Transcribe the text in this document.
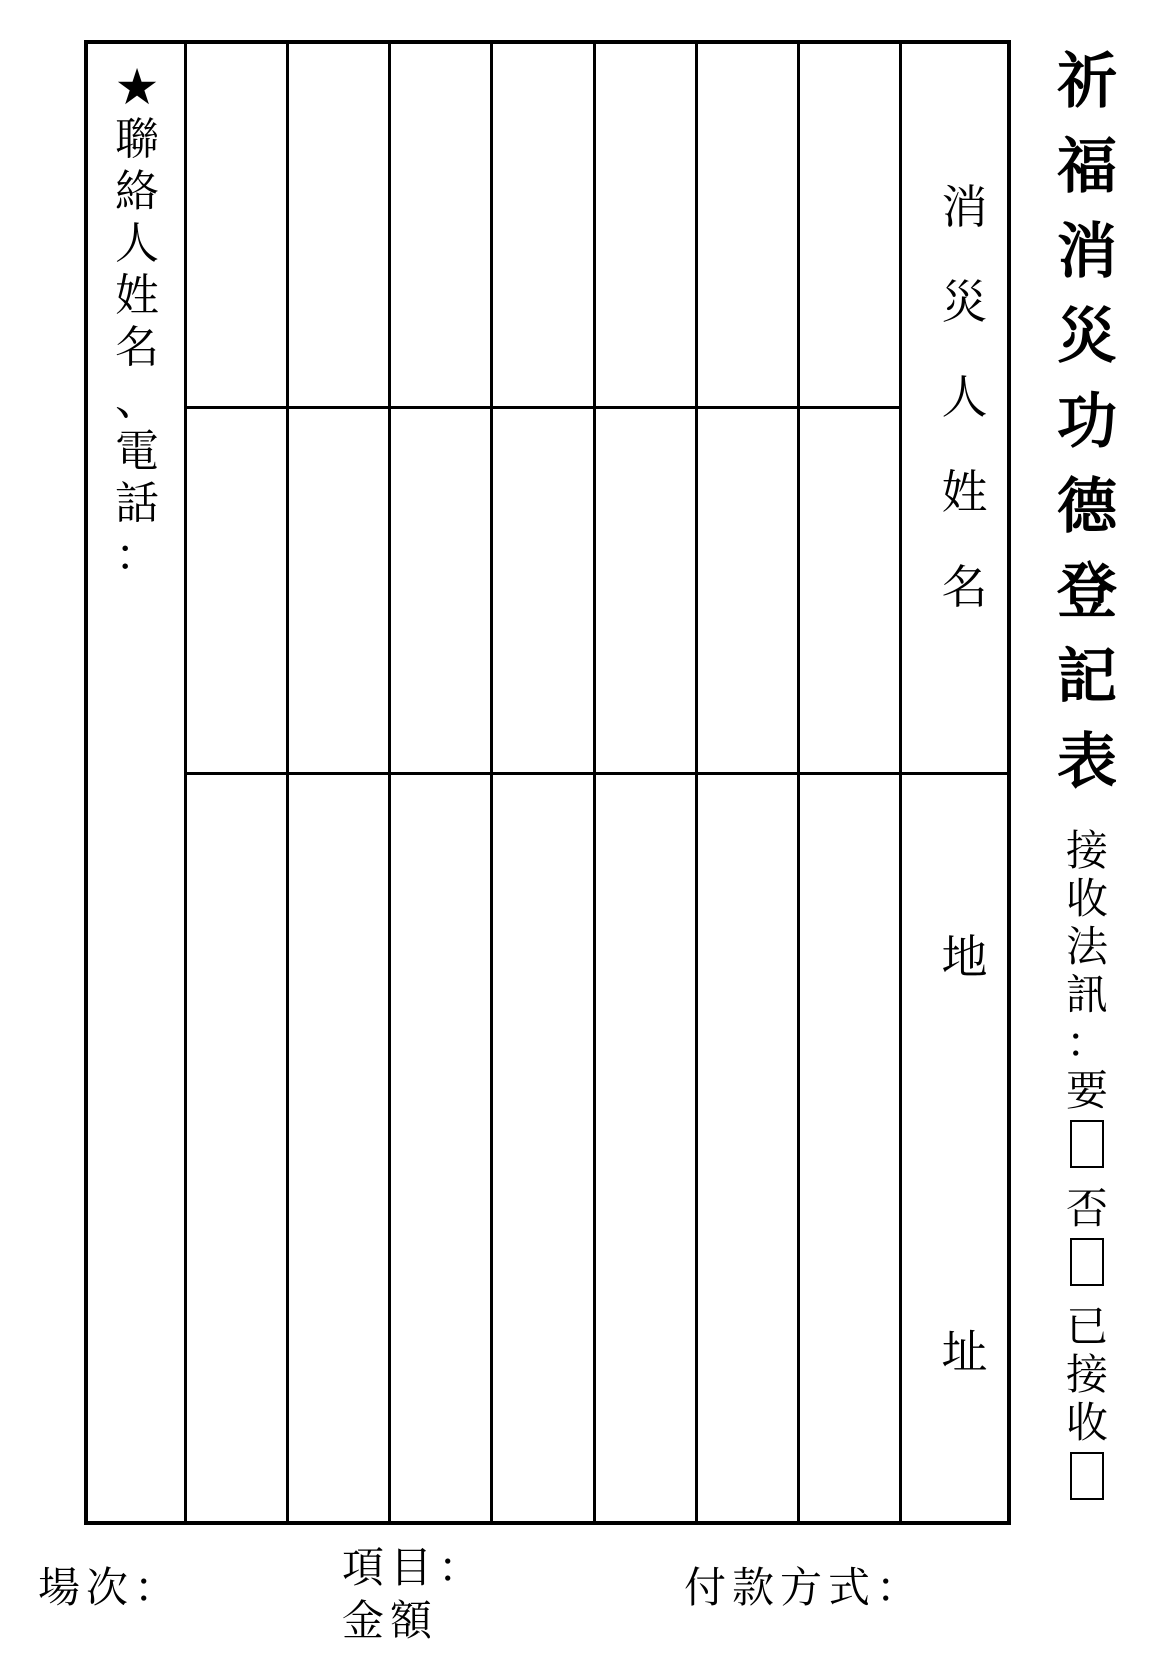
★
聯
絡
人
姓
名
、
電
話
：
消
災
人
姓
名
地
址
祈
福
消
災
功
德
登
記
表
接
收
法
訊
：
要
否
已
接
收
場次：	項目：
金額
付款方式：
